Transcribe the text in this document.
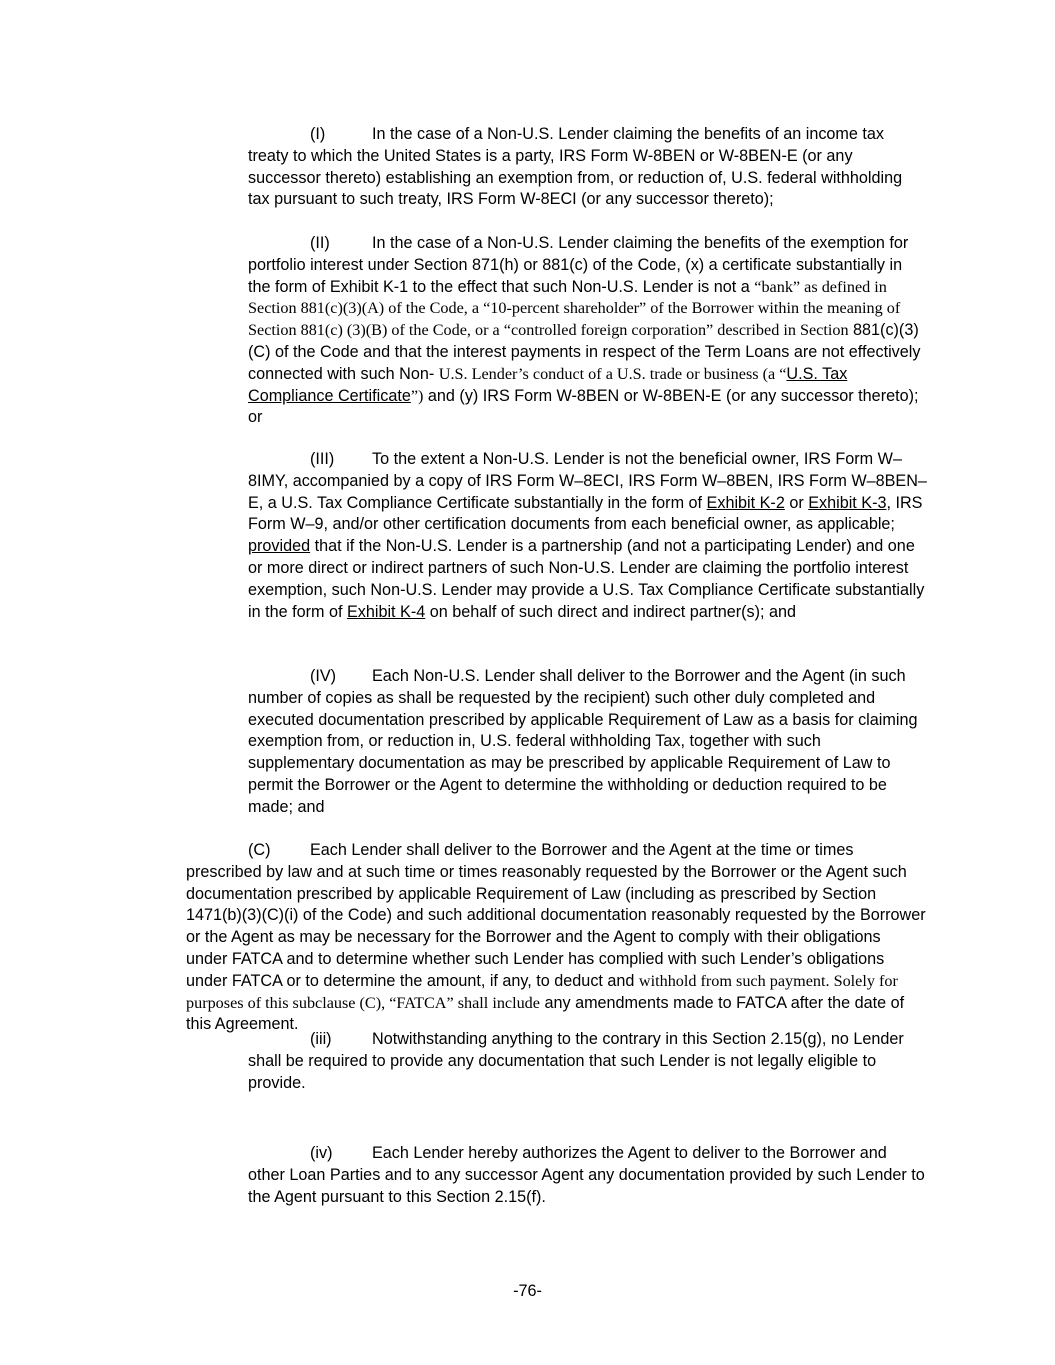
(I)	In the case of a Non-U.S. Lender claiming the benefits of an income tax treaty to which the United States is a party, IRS Form W-8BEN or W-8BEN-E (or any successor thereto) establishing an exemption from, or reduction of, U.S. federal withholding tax pursuant to such treaty, IRS Form W-8ECI (or any successor thereto);
(II)	In the case of a Non-U.S. Lender claiming the benefits of the exemption for portfolio interest under Section 871(h) or 881(c) of the Code, (x) a certificate substantially in the form of Exhibit K-1 to the effect that such Non-U.S. Lender is not a “bank” as defined in Section 881(c)(3)(A) of the Code, a “10-percent shareholder” of the Borrower within the meaning of Section 881(c) (3)(B) of the Code, or a “controlled foreign corporation” described in Section 881(c)(3)(C) of the Code and that the interest payments in respect of the Term Loans are not effectively connected with such Non- U.S. Lender’s conduct of a U.S. trade or business (a “U.S. Tax Compliance Certificate”) and (y) IRS Form W-8BEN or W-8BEN-E (or any successor thereto); or
(III) To the extent a Non-U.S. Lender is not the beneficial owner, IRS Form W–8IMY, accompanied by a copy of IRS Form W–8ECI, IRS Form W–8BEN, IRS Form W–8BEN–E, a U.S. Tax Compliance Certificate substantially in the form of Exhibit K-2 or Exhibit K-3, IRS Form W–9, and/or other certification documents from each beneficial owner, as applicable; provided that if the Non-U.S. Lender is a partnership (and not a participating Lender) and one or more direct or indirect partners of such Non-U.S. Lender are claiming the portfolio interest exemption, such Non-U.S. Lender may provide a U.S. Tax Compliance Certificate substantially in the form of Exhibit K-4 on behalf of such direct and indirect partner(s); and
(IV) Each Non-U.S. Lender shall deliver to the Borrower and the Agent (in such number of copies as shall be requested by the recipient) such other duly completed and executed documentation prescribed by applicable Requirement of Law as a basis for claiming exemption from, or reduction in, U.S. federal withholding Tax, together with such supplementary documentation as may be prescribed by applicable Requirement of Law to permit the Borrower or the Agent to determine the withholding or deduction required to be made; and
(C) Each Lender shall deliver to the Borrower and the Agent at the time or times prescribed by law and at such time or times reasonably requested by the Borrower or the Agent such documentation prescribed by applicable Requirement of Law (including as prescribed by Section 1471(b)(3)(C)(i) of the Code) and such additional documentation reasonably requested by the Borrower or the Agent as may be necessary for the Borrower and the Agent to comply with their obligations under FATCA and to determine whether such Lender has complied with such Lender’s obligations under FATCA or to determine the amount, if any, to deduct and withhold from such payment. Solely for purposes of this subclause (C), “FATCA” shall include any amendments made to FATCA after the date of this Agreement.
(iii) Notwithstanding anything to the contrary in this Section 2.15(g), no Lender shall be required to provide any documentation that such Lender is not legally eligible to provide.
(iv) Each Lender hereby authorizes the Agent to deliver to the Borrower and other Loan Parties and to any successor Agent any documentation provided by such Lender to the Agent pursuant to this Section 2.15(f).
-76-
